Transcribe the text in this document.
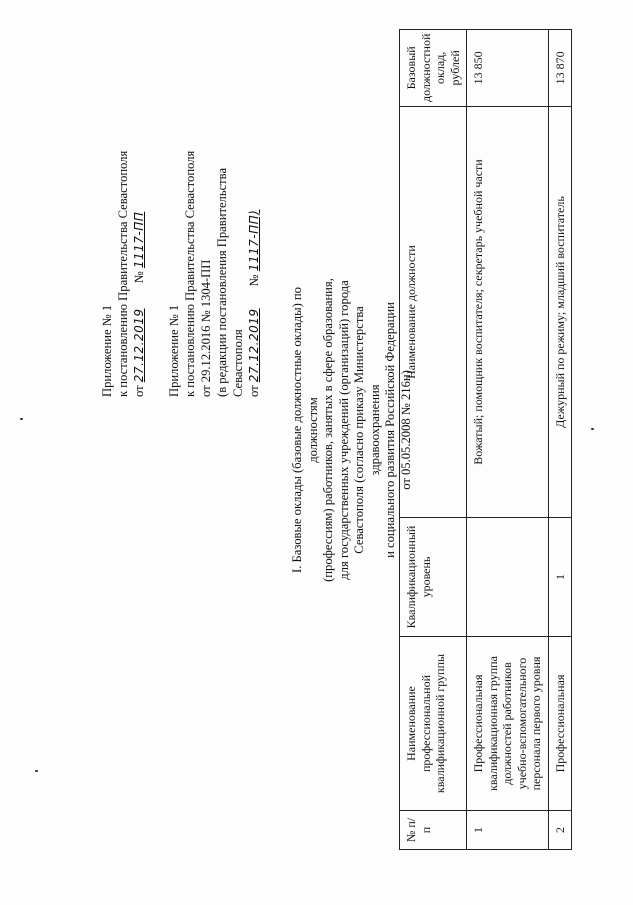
Приложение № 1 к постановлению Правительства Севастополя от 27.12.2019        № 1117-ПП
Приложение № 1 к постановлению Правительства Севастополя от 29.12.2016 № 1304-ПП (в редакции постановления Правительства Севастополя от 27.12.2019       № 1117-ПП)
I. Базовые оклады (базовые должностные оклады) по должностям (профессиям) работников, занятых в сфере образования, для государственных учреждений (организаций) города Севастополя (согласно приказу Министерства здравоохранения и социального развития Российской Федерации от 05.05.2008 № 216н)
№ п/п	Наименование профессиональной квалификационной группы	Квалификационный уровень	Наименование должности	Базовый должностной оклад, рублей
1	Профессиональная квалификационная группа должностей работников учебно-вспомогательного персонала первого уровня		Вожатый; помощник воспитателя; секретарь учебной части	13 850
2	Профессиональная	1	Дежурный по режиму; младший воспитатель	13 870
